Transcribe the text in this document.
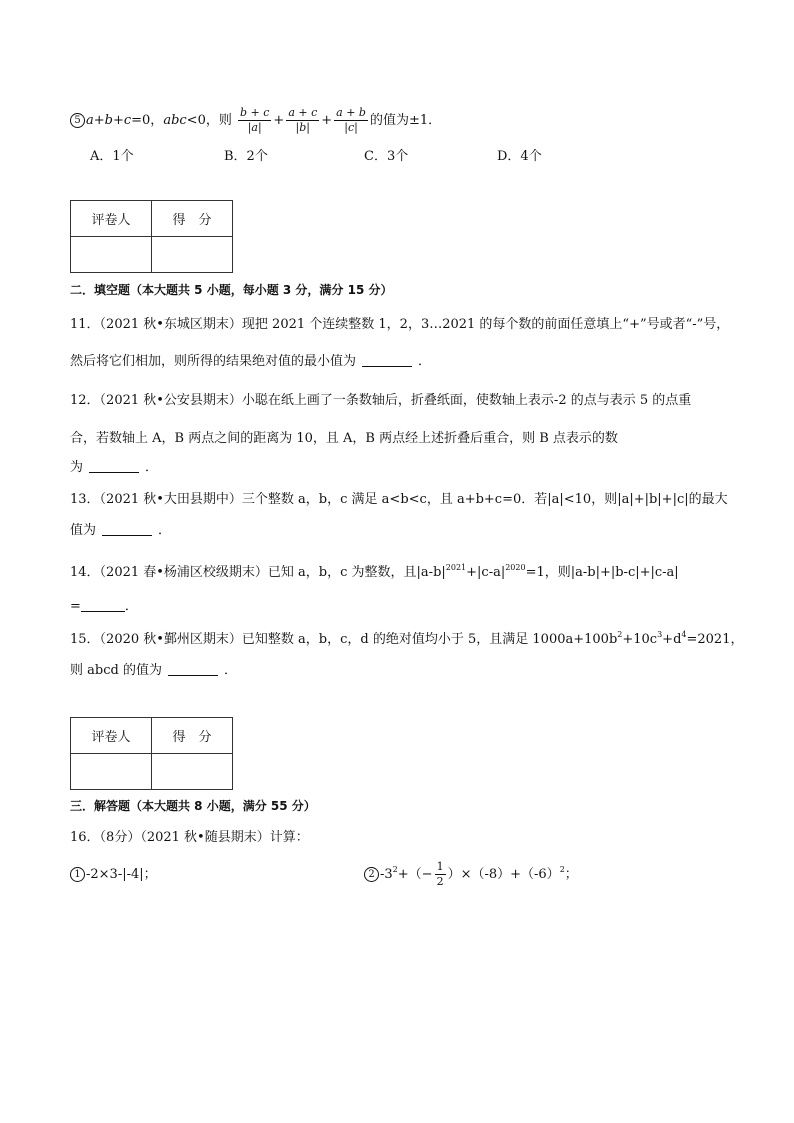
5 a+b+c=0，abc<0，则 $\frac{b + c}{|a|} + \frac{a + c}{|b|} + \frac{a + b}{|c|}$ 的值为±1．
A．1个	B．2个	C．3个	D．4个
评卷人	得　分

二．填空题（本大题共 5 小题，每小题 3 分，满分 15 分）
11．（2021 秋•东城区期末）现把 2021 个连续整数 1，2，3…2021 的每个数的前面任意填上“+”号或者“-”号，
然后将它们相加，则所得的结果绝对值的最小值为	．
12．（2021 秋•公安县期末）小聪在纸上画了一条数轴后，折叠纸面，使数轴上表示-2 的点与表示 5 的点重
合，若数轴上 A，B 两点之间的距离为 10，且 A，B 两点经上述折叠后重合，则 B 点表示的数
为	．
13．（2021 秋•大田县期中）三个整数 a，b，c 满足 a<b<c，且 a+b+c=0．若|a|<10，则|a|+|b|+|c|的最大
值为	．
14．（2021 春•杨浦区校级期末）已知 a，b，c 为整数，且$|a-b|^{2021}+|c-a|^{2020}=1$，则|a-b|+|b-c|+|c-a|
=	．
15．（2020 秋•鄞州区期末）已知整数 a，b，c，d 的绝对值均小于 5，且满足 $1000a+100b^2+10c^3+d^4=2021$，
则 abcd 的值为	．
评卷人	得　分

三．解答题（本大题共 8 小题，满分 55 分）
16．（8分）（2021 秋•随县期末）计算：
1 -2×3-|-4|；	2 $-3^2+(- \frac{1}{2} )\times(-8)+(-6)^2$；
